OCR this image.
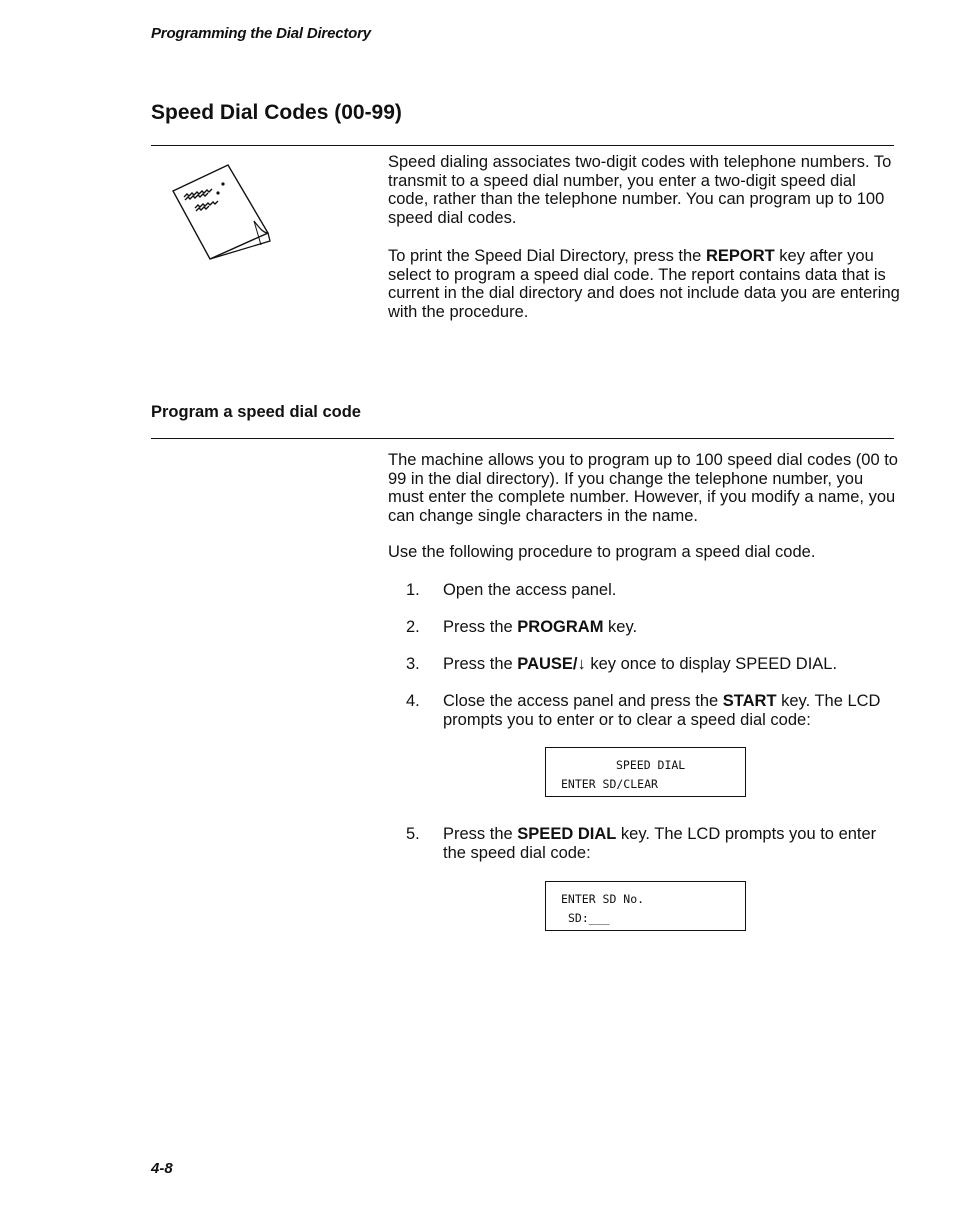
Programming the Dial Directory
Speed Dial Codes (00-99)

Speed dialing associates two-digit codes with telephone numbers. To transmit to a speed dial number, you enter a two-digit speed dial code, rather than the telephone number. You can program up to 100 speed dial codes.

To print the Speed Dial Directory, press the REPORT key after you select to program a speed dial code. The report contains data that is current in the dial directory and does not include data you are entering with the procedure.

Program a speed dial code

The machine allows you to program up to 100 speed dial codes (00 to 99 in the dial directory). If you change the telephone number, you must enter the complete number. However, if you modify a name, you can change single characters in the name.

Use the following procedure to program a speed dial code.

1. Open the access panel.
2. Press the PROGRAM key.
3. Press the PAUSE/↓ key once to display SPEED DIAL.
4. Close the access panel and press the START key. The LCD prompts you to enter or to clear a speed dial code:
SPEED DIAL
ENTER SD/CLEAR
5. Press the SPEED DIAL key. The LCD prompts you to enter the speed dial code:
ENTER SD No.
SD:___
4-8
